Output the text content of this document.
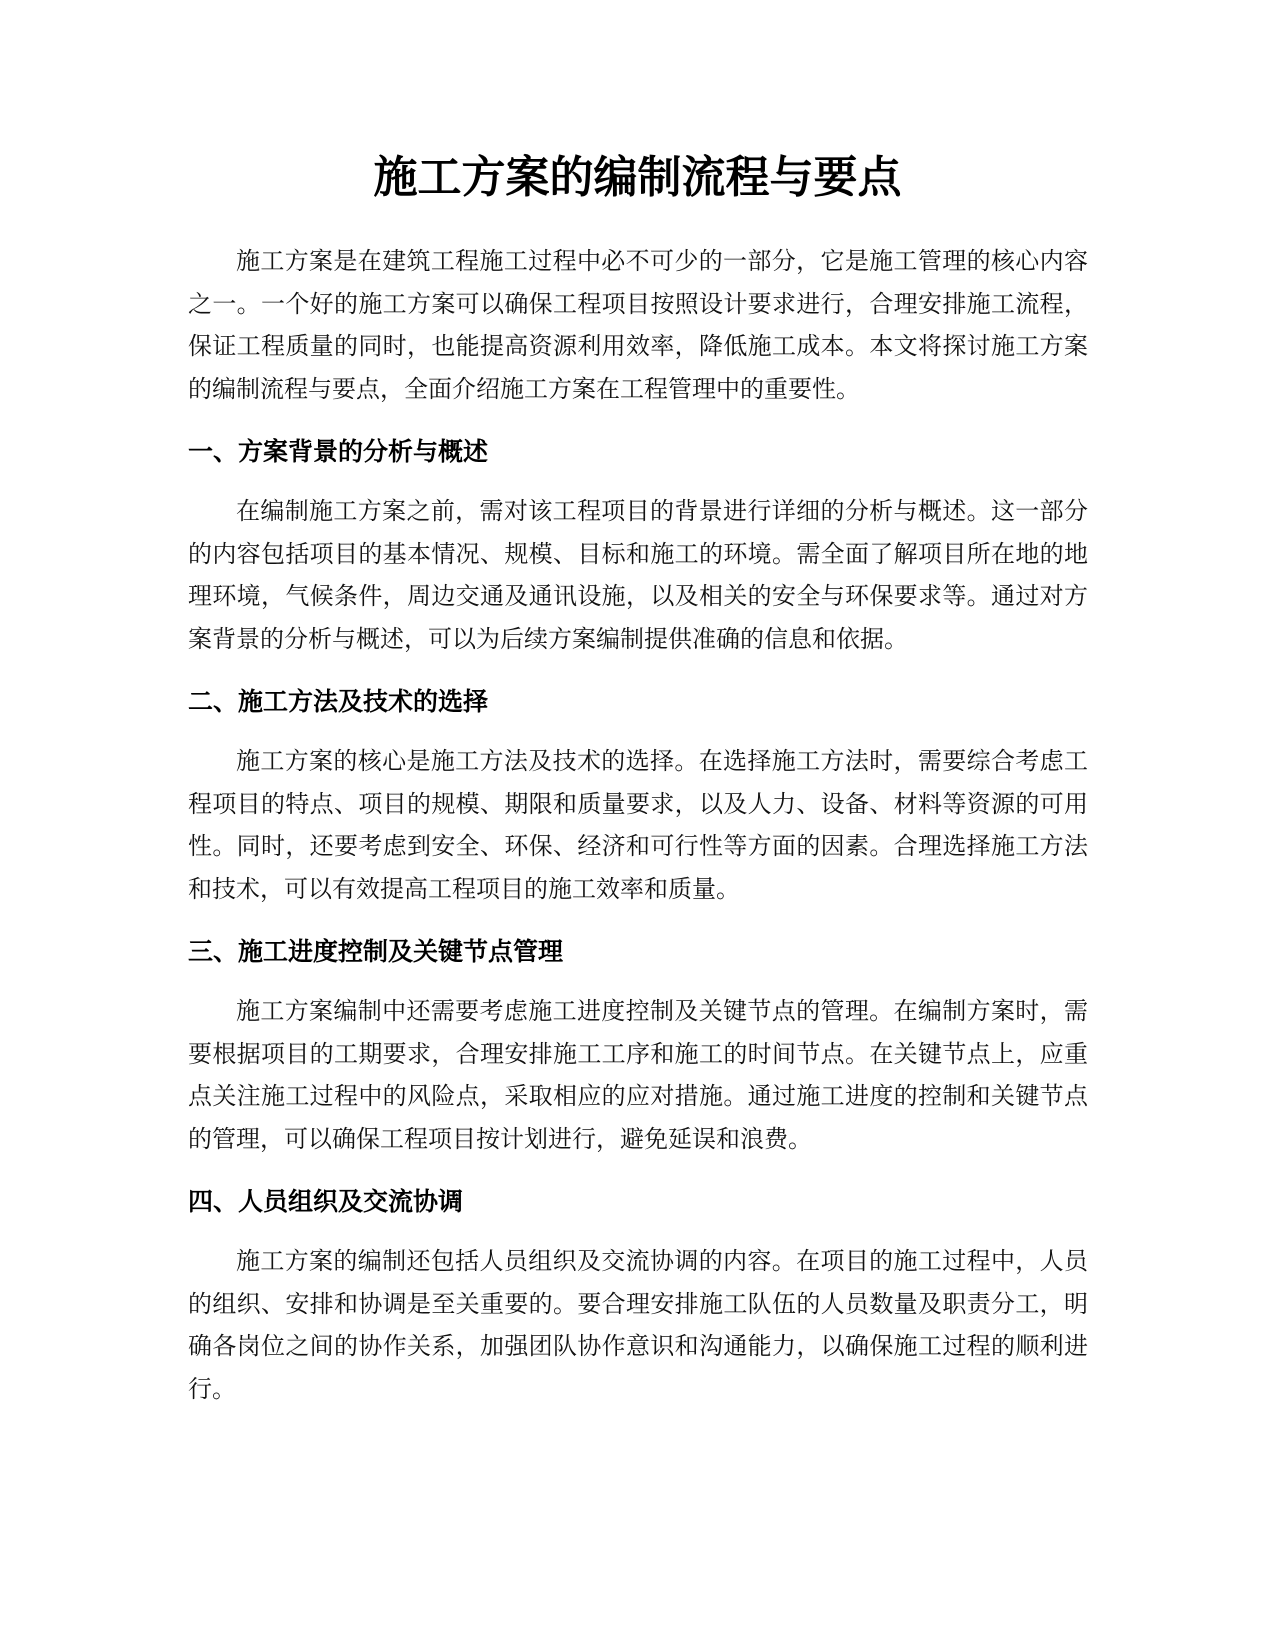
施工方案的编制流程与要点

施工方案是在建筑工程施工过程中必不可少的一部分，它是施工管理的核心内容之一。一个好的施工方案可以确保工程项目按照设计要求进行，合理安排施工流程，保证工程质量的同时，也能提高资源利用效率，降低施工成本。本文将探讨施工方案的编制流程与要点，全面介绍施工方案在工程管理中的重要性。

一、方案背景的分析与概述

在编制施工方案之前，需对该工程项目的背景进行详细的分析与概述。这一部分的内容包括项目的基本情况、规模、目标和施工的环境。需全面了解项目所在地的地理环境，气候条件，周边交通及通讯设施，以及相关的安全与环保要求等。通过对方案背景的分析与概述，可以为后续方案编制提供准确的信息和依据。

二、施工方法及技术的选择

施工方案的核心是施工方法及技术的选择。在选择施工方法时，需要综合考虑工程项目的特点、项目的规模、期限和质量要求，以及人力、设备、材料等资源的可用性。同时，还要考虑到安全、环保、经济和可行性等方面的因素。合理选择施工方法和技术，可以有效提高工程项目的施工效率和质量。

三、施工进度控制及关键节点管理

施工方案编制中还需要考虑施工进度控制及关键节点的管理。在编制方案时，需要根据项目的工期要求，合理安排施工工序和施工的时间节点。在关键节点上，应重点关注施工过程中的风险点，采取相应的应对措施。通过施工进度的控制和关键节点的管理，可以确保工程项目按计划进行，避免延误和浪费。

四、人员组织及交流协调

施工方案的编制还包括人员组织及交流协调的内容。在项目的施工过程中，人员的组织、安排和协调是至关重要的。要合理安排施工队伍的人员数量及职责分工，明确各岗位之间的协作关系，加强团队协作意识和沟通能力，以确保施工过程的顺利进行。
